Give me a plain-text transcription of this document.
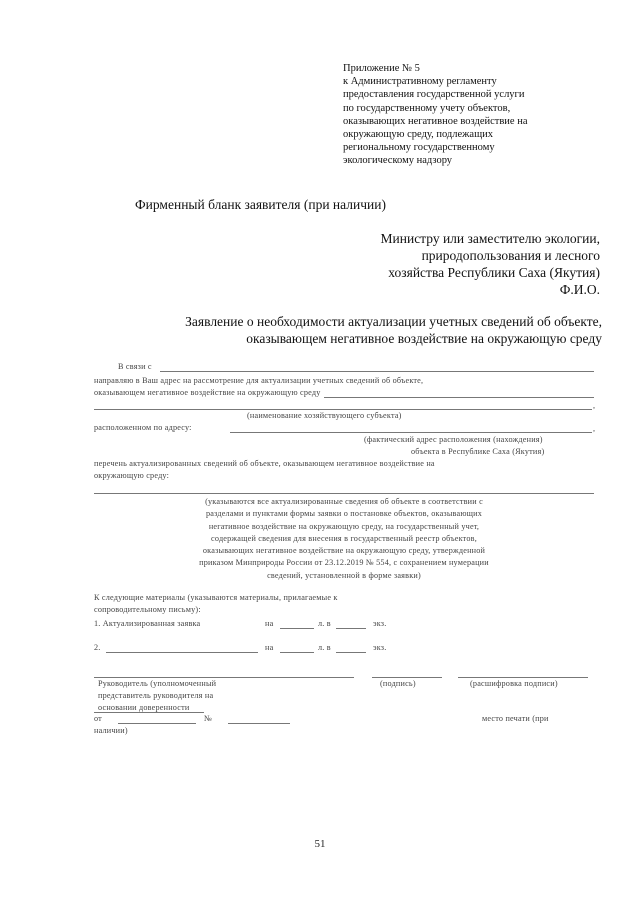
Приложение № 5
к Административному регламенту
предоставления государственной услуги
по государственному учету объектов,
оказывающих негативное воздействие на
окружающую среду, подлежащих
региональному государственному
экологическому надзору
Фирменный бланк заявителя (при наличии)
Министру или заместителю экологии,
природопользования и лесного
хозяйства Республики Саха (Якутия)
Ф.И.О.
Заявление о необходимости актуализации учетных сведений об объекте,
оказывающем негативное воздействие на окружающую среду
В связи с
направляю в Ваш адрес на рассмотрение для актуализации учетных сведений об объекте,
оказывающем негативное воздействие на окружающую среду
,
(наименование хозяйствующего субъекта)
расположенном по адресу:	,
(фактический адрес расположения (нахождения)
объекта в Республике Саха (Якутия)
перечень актуализированных сведений об объекте, оказывающем негативное воздействие на
окружающую среду:
(указываются все актуализированные сведения об объекте в соответствии с
разделами и пунктами формы заявки о постановке объектов, оказывающих
негативное воздействие на окружающую среду, на государственный учет,
содержащей сведения для внесения в государственный реестр объектов,
оказывающих негативное воздействие на окружающую среду, утвержденной
приказом Минприроды России от 23.12.2019 № 554, с сохранением нумерации
сведений, установленной в форме заявки)
К следующие материалы (указываются материалы, прилагаемые к
сопроводительному письму):
1. Актуализированная заявка	на	л. в	экз.
2.	на	л. в	экз.
Руководитель (уполномоченный
представитель руководителя на
основании доверенности
(подпись)	(расшифровка подписи)
от	№	место печати (при
наличии)
51
